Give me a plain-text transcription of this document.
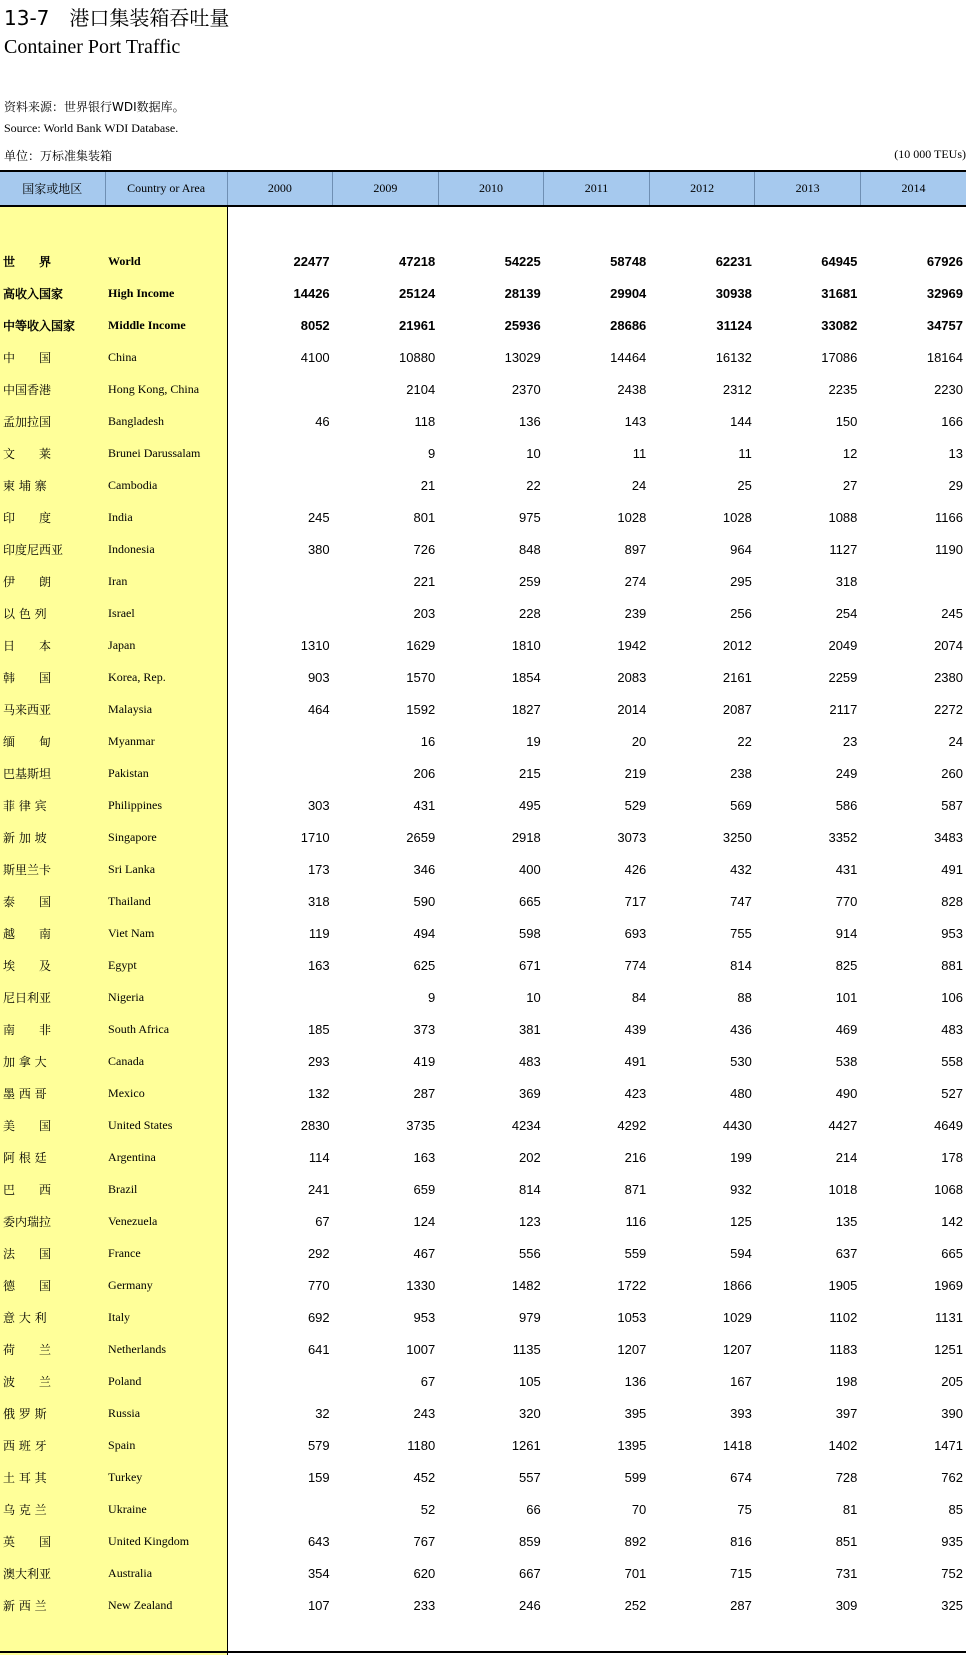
13-7　港口集装箱吞吐量
Container Port Traffic
资料来源：世界银行WDI数据库。
Source: World Bank WDI Database.
单位：万标准集装箱	(10 000 TEUs)
国家或地区	Country or Area	2000	2009	2010	2011	2012	2013	2014

世　　界	World	22477	47218	54225	58748	62231	64945	67926
高收入国家	High Income	14426	25124	28139	29904	30938	31681	32969
中等收入国家	Middle Income	8052	21961	25936	28686	31124	33082	34757
中　　国	China	4100	10880	13029	14464	16132	17086	18164
中国香港	Hong Kong, China		2104	2370	2438	2312	2235	2230
孟加拉国	Bangladesh	46	118	136	143	144	150	166
文　　莱	Brunei Darussalam		9	10	11	11	12	13
柬 埔 寨	Cambodia		21	22	24	25	27	29
印　　度	India	245	801	975	1028	1028	1088	1166
印度尼西亚	Indonesia	380	726	848	897	964	1127	1190
伊　　朗	Iran		221	259	274	295	318	
以 色 列	Israel		203	228	239	256	254	245
日　　本	Japan	1310	1629	1810	1942	2012	2049	2074
韩　　国	Korea, Rep.	903	1570	1854	2083	2161	2259	2380
马来西亚	Malaysia	464	1592	1827	2014	2087	2117	2272
缅　　甸	Myanmar		16	19	20	22	23	24
巴基斯坦	Pakistan		206	215	219	238	249	260
菲 律 宾	Philippines	303	431	495	529	569	586	587
新 加 坡	Singapore	1710	2659	2918	3073	3250	3352	3483
斯里兰卡	Sri Lanka	173	346	400	426	432	431	491
泰　　国	Thailand	318	590	665	717	747	770	828
越　　南	Viet Nam	119	494	598	693	755	914	953
埃　　及	Egypt	163	625	671	774	814	825	881
尼日利亚	Nigeria		9	10	84	88	101	106
南　　非	South Africa	185	373	381	439	436	469	483
加 拿 大	Canada	293	419	483	491	530	538	558
墨 西 哥	Mexico	132	287	369	423	480	490	527
美　　国	United States	2830	3735	4234	4292	4430	4427	4649
阿 根 廷	Argentina	114	163	202	216	199	214	178
巴　　西	Brazil	241	659	814	871	932	1018	1068
委内瑞拉	Venezuela	67	124	123	116	125	135	142
法　　国	France	292	467	556	559	594	637	665
德　　国	Germany	770	1330	1482	1722	1866	1905	1969
意 大 利	Italy	692	953	979	1053	1029	1102	1131
荷　　兰	Netherlands	641	1007	1135	1207	1207	1183	1251
波　　兰	Poland		67	105	136	167	198	205
俄 罗 斯	Russia	32	243	320	395	393	397	390
西 班 牙	Spain	579	1180	1261	1395	1418	1402	1471
土 耳 其	Turkey	159	452	557	599	674	728	762
乌 克 兰	Ukraine		52	66	70	75	81	85
英　　国	United Kingdom	643	767	859	892	816	851	935
澳大利亚	Australia	354	620	667	701	715	731	752
新 西 兰	New Zealand	107	233	246	252	287	309	325
